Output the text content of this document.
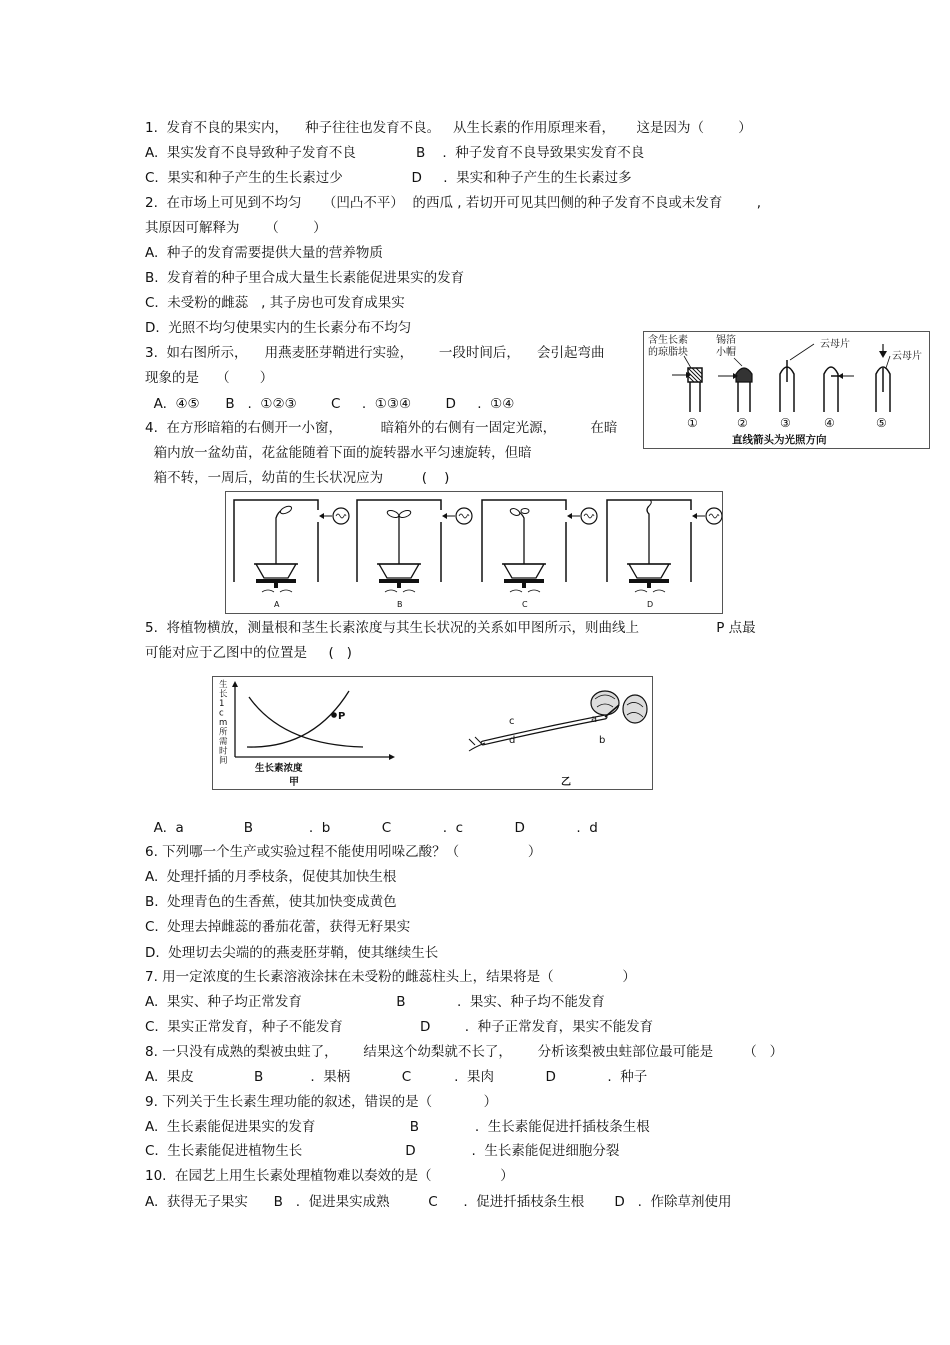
1.  发育不良的果实内，    种子往往也发育不良。   从生长素的作用原理来看，     这是因为（        ）
A.  果实发育不良导致种子发育不良              B    .  种子发育不良导致果实发育不良
C.  果实和种子产生的生长素过少                D     .  果实和种子产生的生长素过多
2.  在市场上可见到不均匀     （凹凸不平）  的西瓜 , 若切开可见其凹侧的种子发育不良或未发育        ,
其原因可解释为      （        ）
A.  种子的发育需要提供大量的营养物质
B.  发育着的种子里合成大量生长素能促进果实的发育
C.  未受粉的雌蕊   , 其子房也可发育成果实
D.  光照不均匀使果实内的生长素分布不均匀
3.  如右图所示，    用燕麦胚芽鞘进行实验，      一段时间后，    会引起弯曲
现象的是    （       ）
A.  ④⑤      B   .  ①②③        C     .  ①③④        D     .  ①④
含生长素
的琼脂块
锡箔
小帽
云母片
云母片
①	②	③	④	⑤
直线箭头为光照方向
4.  在方形暗箱的右侧开一小窗，         暗箱外的右侧有一固定光源，        在暗
箱内放一盆幼苗，花盆能随着下面的旋转器水平匀速旋转，但暗
箱不转，一周后，幼苗的生长状况应为         (    )
A	B	C	D
5.  将植物横放，测量根和茎生长素浓度与其生长状况的关系如甲图所示，则曲线上                  P 点最
可能对应于乙图中的位置是     (   )
P
生长素浓度
甲
生
长
1
c
m
所
需
时
间
c
d
a
b
乙
A.  a              B             .  b            C            .  c            D            .  d
6. 下列哪一个生产或实验过程不能使用吲哚乙酸？（                ）
A.  处理扦插的月季枝条，促使其加快生根
B.  处理青色的生香蕉，使其加快变成黄色
C.  处理去掉雌蕊的番茄花蕾，获得无籽果实
D.  处理切去尖端的的燕麦胚芽鞘，使其继续生长
7. 用一定浓度的生长素溶液涂抹在未受粉的雌蕊柱头上，结果将是（                ）
A.  果实、种子均正常发育                      B            .  果实、种子均不能发育
C.  果实正常发育，种子不能发育                  D        .  种子正常发育，果实不能发育
8. 一只没有成熟的梨被虫蛀了，      结果这个幼梨就不长了，      分析该梨被虫蛀部位最可能是       （   ）
A.  果皮              B           .  果柄            C          .  果肉            D            .  种子
9. 下列关于生长素生理功能的叙述，错误的是（            ）
A.  生长素能促进果实的发育                      B             .  生长素能促进扦插枝条生根
C.  生长素能促进植物生长                        D             .  生长素能促进细胞分裂
10.  在园艺上用生长素处理植物难以奏效的是（                ）
A.  获得无子果实      B   .  促进果实成熟         C      .  促进扦插枝条生根       D   .  作除草剂使用
